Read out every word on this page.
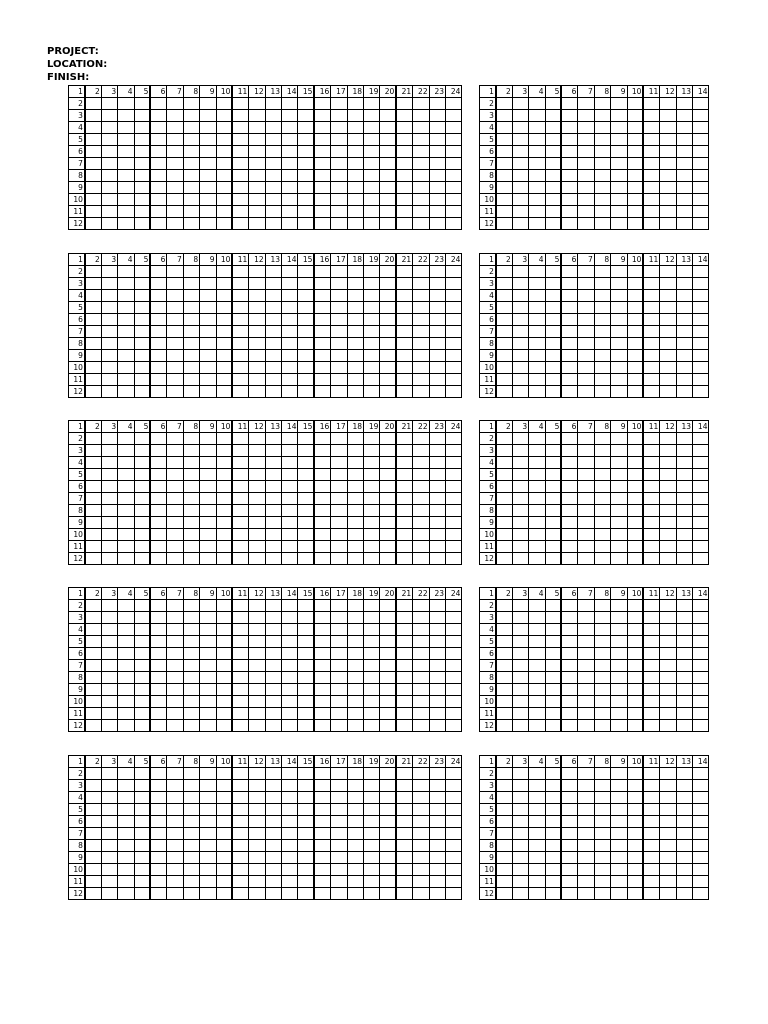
PROJECT:
LOCATION:
FINISH:
1	2	3	4	5	6	7	8	9	10	11	12	13	14	15	16	17	18	19	20	21	22	23	24
2																							
3																							
4																							
5																							
6																							
7																							
8																							
9																							
10																							
11																							
12																							
1	2	3	4	5	6	7	8	9	10	11	12	13	14
2													
3													
4													
5													
6													
7													
8													
9													
10													
11													
12													
1	2	3	4	5	6	7	8	9	10	11	12	13	14	15	16	17	18	19	20	21	22	23	24
2																							
3																							
4																							
5																							
6																							
7																							
8																							
9																							
10																							
11																							
12																							
1	2	3	4	5	6	7	8	9	10	11	12	13	14
2													
3													
4													
5													
6													
7													
8													
9													
10													
11													
12													
1	2	3	4	5	6	7	8	9	10	11	12	13	14	15	16	17	18	19	20	21	22	23	24
2																							
3																							
4																							
5																							
6																							
7																							
8																							
9																							
10																							
11																							
12																							
1	2	3	4	5	6	7	8	9	10	11	12	13	14
2													
3													
4													
5													
6													
7													
8													
9													
10													
11													
12													
1	2	3	4	5	6	7	8	9	10	11	12	13	14	15	16	17	18	19	20	21	22	23	24
2																							
3																							
4																							
5																							
6																							
7																							
8																							
9																							
10																							
11																							
12																							
1	2	3	4	5	6	7	8	9	10	11	12	13	14
2													
3													
4													
5													
6													
7													
8													
9													
10													
11													
12													
1	2	3	4	5	6	7	8	9	10	11	12	13	14	15	16	17	18	19	20	21	22	23	24
2																							
3																							
4																							
5																							
6																							
7																							
8																							
9																							
10																							
11																							
12																							
1	2	3	4	5	6	7	8	9	10	11	12	13	14
2													
3													
4													
5													
6													
7													
8													
9													
10													
11													
12													
